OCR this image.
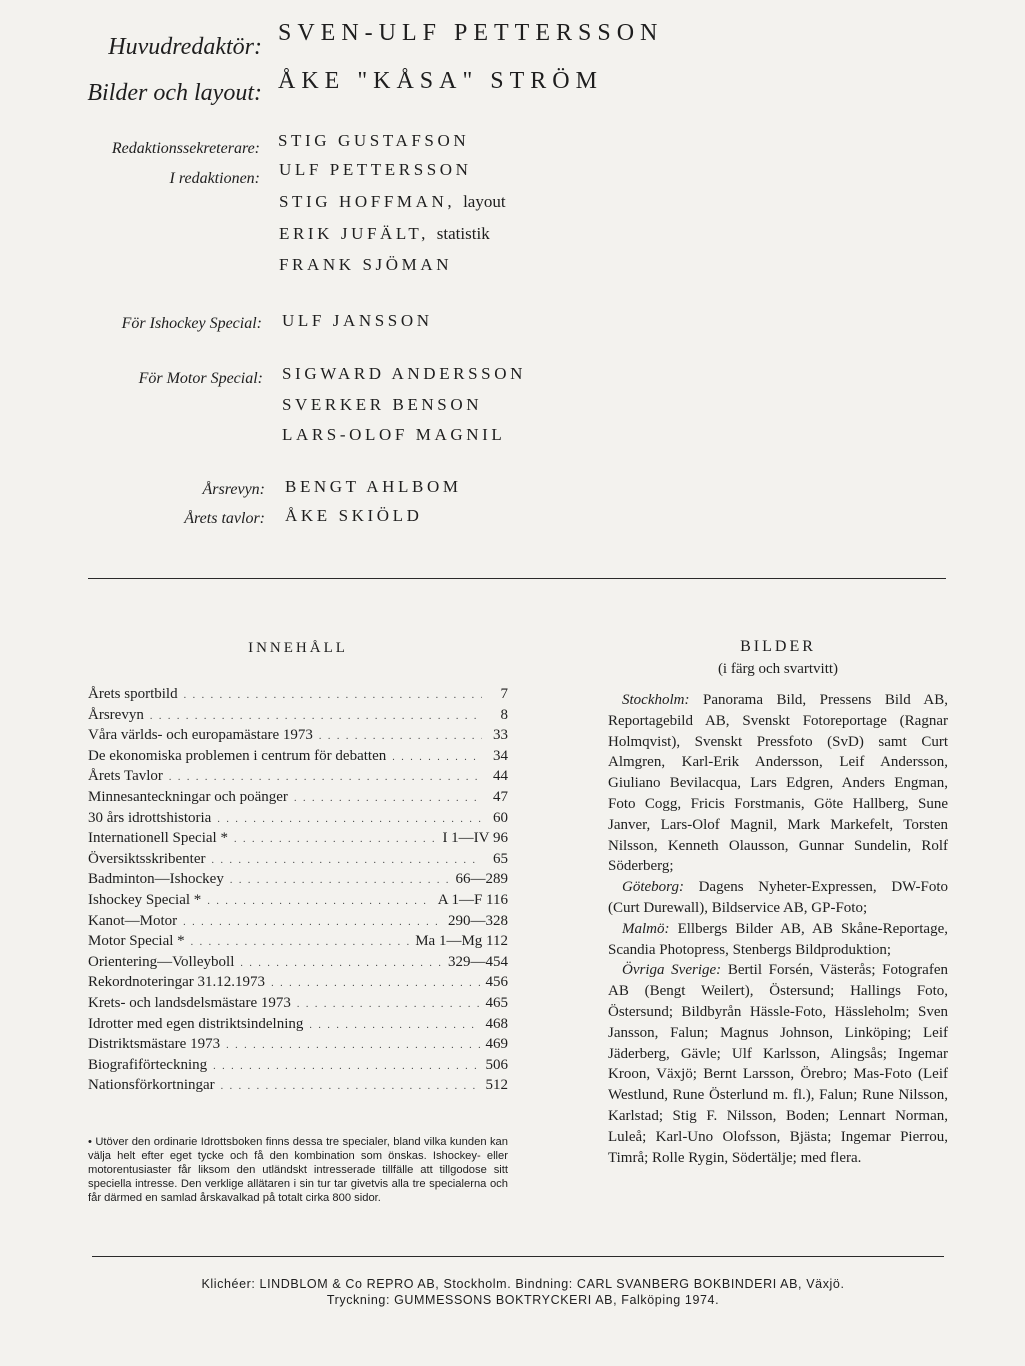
Huvudredaktör:
SVEN-ULF PETTERSSON
Bilder och layout: ÅKE "KÅSA" STRÖM
Redaktionssekreterare: STIG GUSTAFSON
I redaktionen: ULF PETTERSSON
STIG HOFFMAN, layout
ERIK JUFÄLT, statistik
FRANK SJÖMAN
För Ishockey Special: ULF JANSSON
För Motor Special: SIGWARD ANDERSSON
SVERKER BENSON
LARS-OLOF MAGNIL
Årsrevyn: BENGT AHLBOM
Årets tavlor: ÅKE SKIÖLD
INNEHÅLL
Årets sportbild . . .	7
Årsrevyn . . .	8
Våra världs- och europamästare 1973 . . .	33
De ekonomiska problemen i centrum för debatten . . .	34
Årets Tavlor . . .	44
Minnesanteckningar och poänger . . .	47
30 års idrottshistoria . . .	60
Internationell Special * . . .	I 1—IV 96
Översiktsskribenter . . .	65
Badminton—Ishockey . . .	66—289
Ishockey Special * . . .	A 1—F 116
Kanot—Motor . . .	290—328
Motor Special * . . .	Ma 1—Mg 112
Orientering—Volleyboll . . .	329—454
Rekordnoteringar 31.12.1973 . . .	456
Krets- och landsdelsmästare 1973 . . .	465
Idrotter med egen distriktsindelning . . .	468
Distriktsmästare 1973 . . .	469
Biografiförteckning . . .	506
Nationsförkortningar . . .	512
• Utöver den ordinarie Idrottsboken finns dessa tre specialer, bland vilka kunden kan välja helt efter eget tycke och få den kombination som önskas. Ishockey- eller motorentusiaster får liksom den utländskt intresserade tillfälle att tillgodose sitt speciella intresse. Den verklige allätaren i sin tur tar givetvis alla tre specialerna och får därmed en samlad årskavalkad på totalt cirka 800 sidor.
BILDER
(i färg och svartvitt)

Stockholm: Panorama Bild, Pressens Bild AB, Reportagebild AB, Svenskt Fotoreportage (Ragnar Holmqvist), Svenskt Pressfoto (SvD) samt Curt Almgren, Karl-Erik Andersson, Leif Andersson, Giuliano Bevilacqua, Lars Edgren, Anders Engman, Foto Cogg, Fricis Forstmanis, Göte Hallberg, Sune Janver, Lars-Olof Magnil, Mark Markefelt, Torsten Nilsson, Kenneth Olausson, Gunnar Sundelin, Rolf Söderberg;

Göteborg: Dagens Nyheter-Expressen, DW-Foto (Curt Durewall), Bildservice AB, GP-Foto;

Malmö: Ellbergs Bilder AB, AB Skåne-Reportage, Scandia Photopress, Stenbergs Bildproduktion;

Övriga Sverige: Bertil Forsén, Västerås; Fotografen AB (Bengt Weilert), Östersund; Hallings Foto, Östersund; Bildbyrån Hässle-Foto, Hässleholm; Sven Jansson, Falun; Magnus Johnson, Linköping; Leif Jäderberg, Gävle; Ulf Karlsson, Alingsås; Ingemar Kroon, Växjö; Bernt Larsson, Örebro; Mas-Foto (Leif Westlund, Rune Österlund m. fl.), Falun; Rune Nilsson, Karlstad; Stig F. Nilsson, Boden; Lennart Norman, Luleå; Karl-Uno Olofsson, Bjästa; Ingemar Pierrou, Timrå; Rolle Rygin, Södertälje; med flera.

Klichéer: LINDBLOM & Co REPRO AB, Stockholm. Bindning: CARL SVANBERG BOKBINDERI AB, Växjö.
Tryckning: GUMMESSONS BOKTRYCKERI AB, Falköping 1974.
